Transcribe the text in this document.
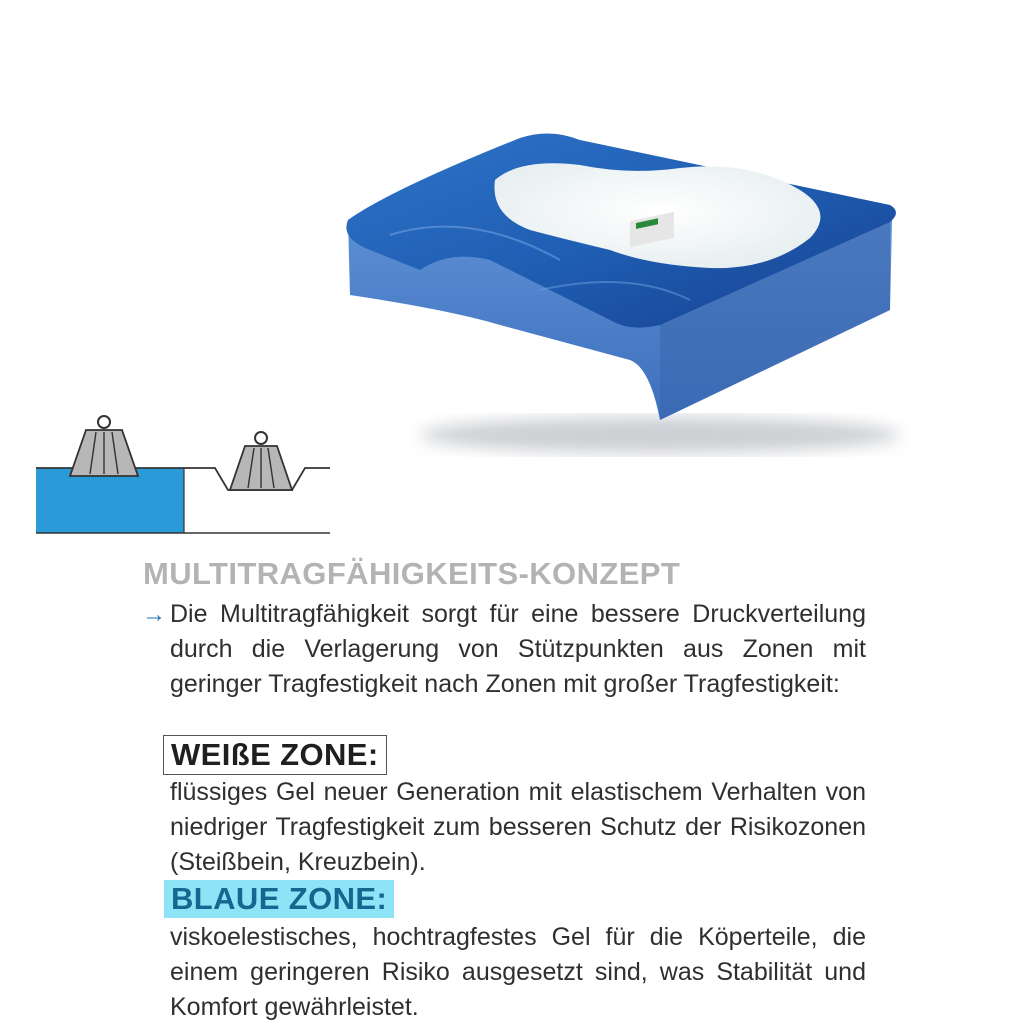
MULTITRAGFÄHIGKEITS-KONZEPT
→ Die Multitragfähigkeit sorgt für eine bessere Druckverteilung durch die Verlagerung von Stützpunkten aus Zonen mit geringer Tragfestigkeit nach Zonen mit großer Tragfestigkeit:

WEIßE ZONE:

flüssiges Gel neuer Generation mit elastischem Verhalten von niedriger Tragfestigkeit zum besseren Schutz der Risikozonen (Steißbein, Kreuzbein).

BLAUE ZONE:

viskoelestisches, hochtragfestes Gel für die Köperteile, die einem geringeren Risiko ausgesetzt sind, was Stabilität und Komfort gewährleistet.
